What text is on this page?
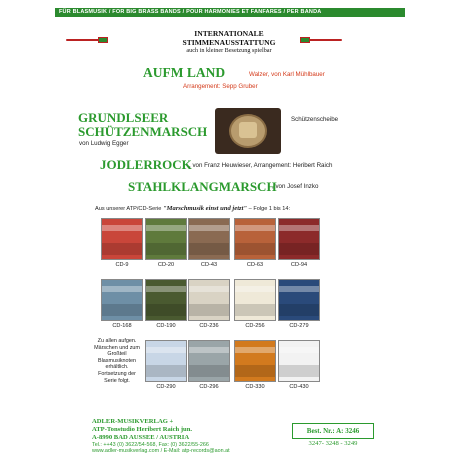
FÜR BLASMUSIK / FOR BIG BRASS BANDS / POUR HARMONIES ET FANFARES / PER BANDA
INTERNATIONALE
STIMMENAUSSTATTUNG
auch in kleiner Besetzung spielbar
AUFM LAND	Walzer, von Karl Mühlbauer
Arrangement: Sepp Gruber
GRUNDLSEER
SCHÜTZENMARSCH
von Ludwig Egger
Schützenscheibe
JODLERROCK
, von Franz Heuwieser, Arrangement: Heribert Raich
STAHLKLANGMARSCH
, von Josef Inzko
Aus unserer ATP/CD-Serie "Marschmusik einst und jetzt" – Folge 1 bis 14:
CD-9	CD-20	CD-43	CD-63	CD-94
CD-168	CD-190	CD-236	CD-256	CD-279
CD-290	CD-296	CD-330	CD-430
Zu allen aufgen. Märschen und zum Großteil Blasmusiknoten erhältlich. Fortsetzung der Serie folgt.
ADLER-MUSIKVERLAG +
ATP-Tonstudio Heribert Raich jun.
A-8990 BAD AUSSEE / AUSTRIA
Tel.: ++43 (0) 3622/54-568, Fax: (0) 3622/55-266
www.adler-musikverlag.com / E-Mail: atp-records@aon.at
Best. Nr.: A: 3246
3247- 3248 - 3249
